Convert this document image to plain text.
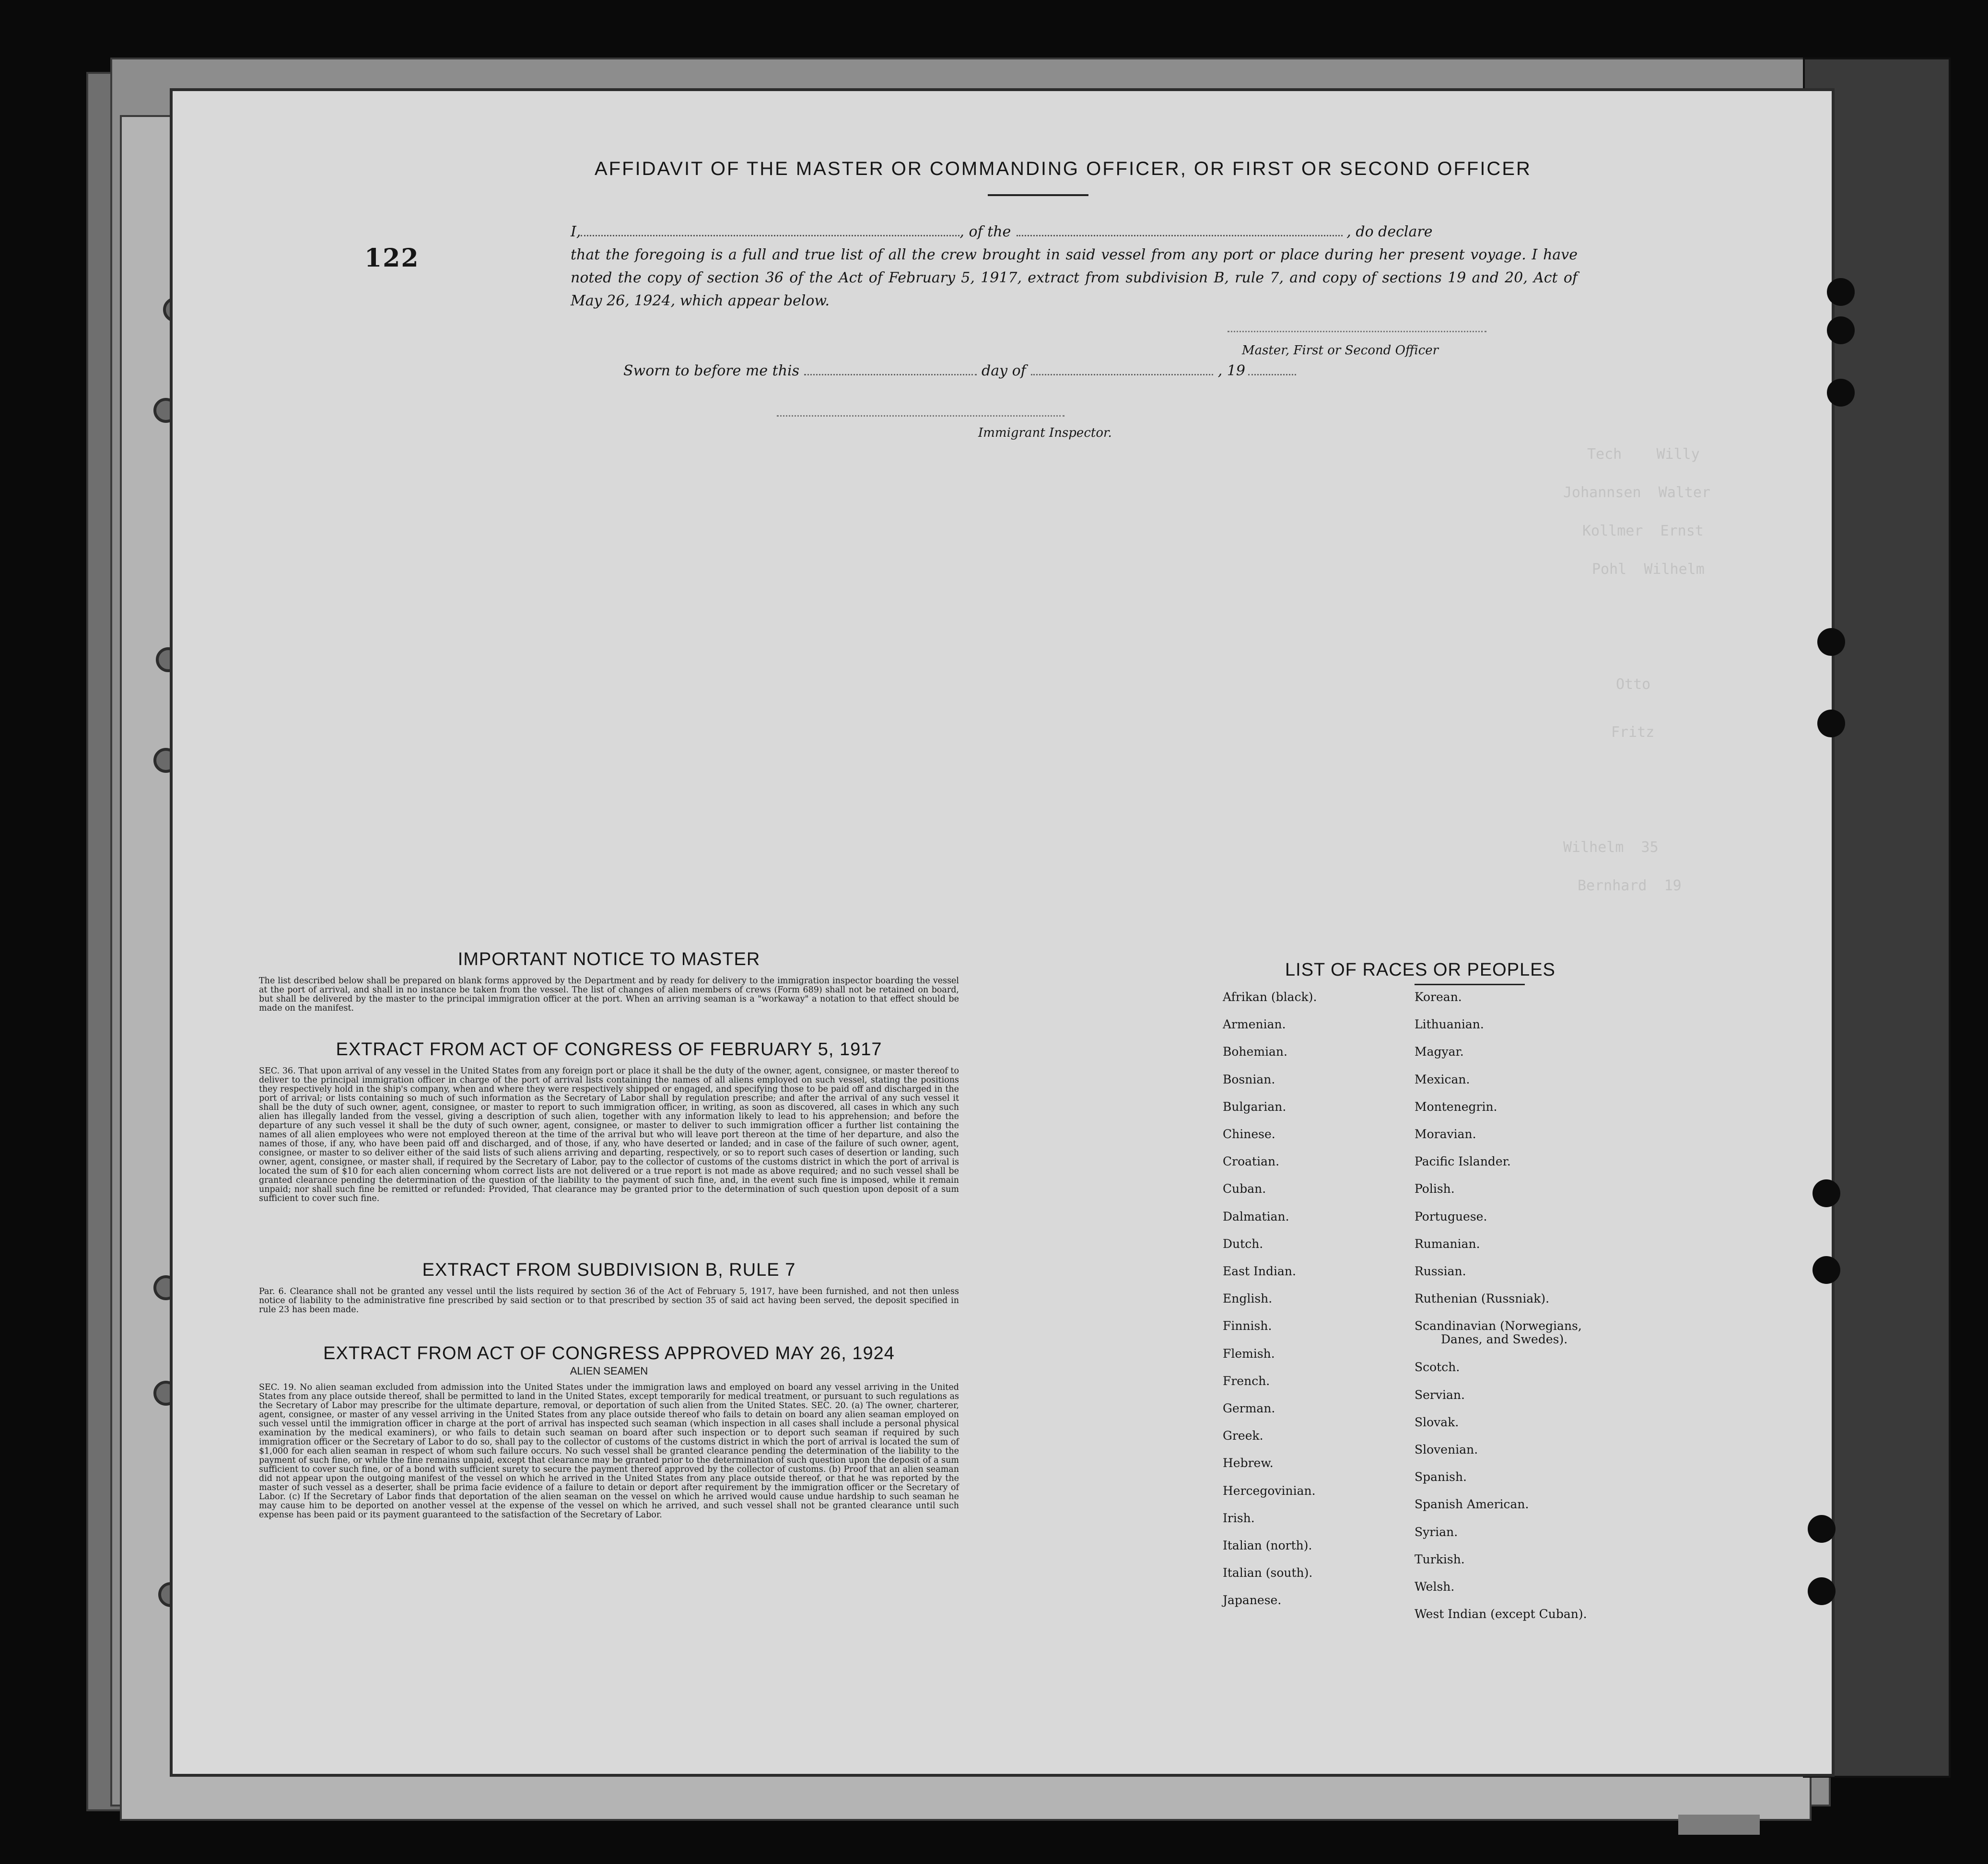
Tech    Willy
Johannsen  Walter
Kollmer  Ernst
Pohl  Wilhelm
Otto
Fritz
Wilhelm  35
Bernhard  19
AFFIDAVIT OF THE MASTER OR COMMANDING OFFICER, OR FIRST OR SECOND OFFICER
122
I,	, of the	, do declare
that the foregoing is a full and true list of all the crew brought in said vessel from any port or place during her present voyage. I have noted the copy of section 36 of the Act of February 5, 1917, extract from subdivision B, rule 7, and copy of sections 19 and 20, Act of May 26, 1924, which appear below.
Master, First or Second Officer
Sworn to before me this	day of	, 19
Immigrant Inspector.
IMPORTANT NOTICE TO MASTER
The list described below shall be prepared on blank forms approved by the Department and by ready for delivery to the immigration inspector boarding the vessel at the port of arrival, and shall in no instance be taken from the vessel. The list of changes of alien members of crews (Form 689) shall not be retained on board, but shall be delivered by the master to the principal immigration officer at the port. When an arriving seaman is a "workaway" a notation to that effect should be made on the manifest.
EXTRACT FROM ACT OF CONGRESS OF FEBRUARY 5, 1917
SEC. 36. That upon arrival of any vessel in the United States from any foreign port or place it shall be the duty of the owner, agent, consignee, or master thereof to deliver to the principal immigration officer in charge of the port of arrival lists containing the names of all aliens employed on such vessel, stating the positions they respectively hold in the ship's company, when and where they were respectively shipped or engaged, and specifying those to be paid off and discharged in the port of arrival; or lists containing so much of such information as the Secretary of Labor shall by regulation prescribe; and after the arrival of any such vessel it shall be the duty of such owner, agent, consignee, or master to report to such immigration officer, in writing, as soon as discovered, all cases in which any such alien has illegally landed from the vessel, giving a description of such alien, together with any information likely to lead to his apprehension; and before the departure of any such vessel it shall be the duty of such owner, agent, consignee, or master to deliver to such immigration officer a further list containing the names of all alien employees who were not employed thereon at the time of the arrival but who will leave port thereon at the time of her departure, and also the names of those, if any, who have been paid off and discharged, and of those, if any, who have deserted or landed; and in case of the failure of such owner, agent, consignee, or master to so deliver either of the said lists of such aliens arriving and departing, respectively, or so to report such cases of desertion or landing, such owner, agent, consignee, or master shall, if required by the Secretary of Labor, pay to the collector of customs of the customs district in which the port of arrival is located the sum of $10 for each alien concerning whom correct lists are not delivered or a true report is not made as above required; and no such vessel shall be granted clearance pending the determination of the question of the liability to the payment of such fine, and, in the event such fine is imposed, while it remain unpaid; nor shall such fine be remitted or refunded: Provided, That clearance may be granted prior to the determination of such question upon deposit of a sum sufficient to cover such fine.
EXTRACT FROM SUBDIVISION B, RULE 7
Par. 6. Clearance shall not be granted any vessel until the lists required by section 36 of the Act of February 5, 1917, have been furnished, and not then unless notice of liability to the administrative fine prescribed by said section or to that prescribed by section 35 of said act having been served, the deposit specified in rule 23 has been made.
EXTRACT FROM ACT OF CONGRESS APPROVED MAY 26, 1924
ALIEN SEAMEN
SEC. 19. No alien seaman excluded from admission into the United States under the immigration laws and employed on board any vessel arriving in the United States from any place outside thereof, shall be permitted to land in the United States, except temporarily for medical treatment, or pursuant to such regulations as the Secretary of Labor may prescribe for the ultimate departure, removal, or deportation of such alien from the United States. SEC. 20. (a) The owner, charterer, agent, consignee, or master of any vessel arriving in the United States from any place outside thereof who fails to detain on board any alien seaman employed on such vessel until the immigration officer in charge at the port of arrival has inspected such seaman (which inspection in all cases shall include a personal physical examination by the medical examiners), or who fails to detain such seaman on board after such inspection or to deport such seaman if required by such immigration officer or the Secretary of Labor to do so, shall pay to the collector of customs of the customs district in which the port of arrival is located the sum of $1,000 for each alien seaman in respect of whom such failure occurs. No such vessel shall be granted clearance pending the determination of the liability to the payment of such fine, or while the fine remains unpaid, except that clearance may be granted prior to the determination of such question upon the deposit of a sum sufficient to cover such fine, or of a bond with sufficient surety to secure the payment thereof approved by the collector of customs. (b) Proof that an alien seaman did not appear upon the outgoing manifest of the vessel on which he arrived in the United States from any place outside thereof, or that he was reported by the master of such vessel as a deserter, shall be prima facie evidence of a failure to detain or deport after requirement by the immigration officer or the Secretary of Labor. (c) If the Secretary of Labor finds that deportation of the alien seaman on the vessel on which he arrived would cause undue hardship to such seaman he may cause him to be deported on another vessel at the expense of the vessel on which he arrived, and such vessel shall not be granted clearance until such expense has been paid or its payment guaranteed to the satisfaction of the Secretary of Labor.
LIST OF RACES OR PEOPLES
Afrikan (black).
Armenian.
Bohemian.
Bosnian.
Bulgarian.
Chinese.
Croatian.
Cuban.
Dalmatian.
Dutch.
East Indian.
English.
Finnish.
Flemish.
French.
German.
Greek.
Hebrew.
Hercegovinian.
Irish.
Italian (north).
Italian (south).
Japanese.
Korean.
Lithuanian.
Magyar.
Mexican.
Montenegrin.
Moravian.
Pacific Islander.
Polish.
Portuguese.
Rumanian.
Russian.
Ruthenian (Russniak).
Scandinavian (Norwegians,
Danes, and Swedes).
Scotch.
Servian.
Slovak.
Slovenian.
Spanish.
Spanish American.
Syrian.
Turkish.
Welsh.
West Indian (except Cuban).
